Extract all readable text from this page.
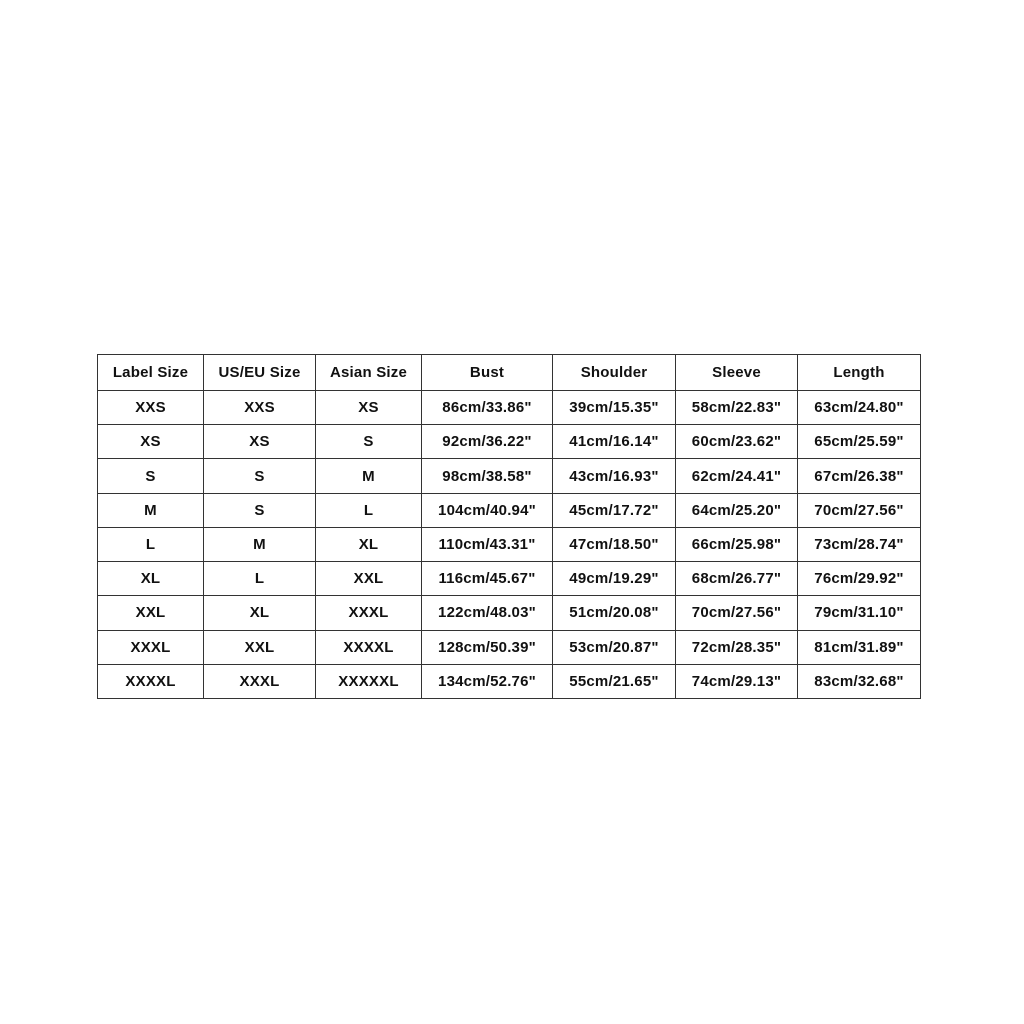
Label Size	US/EU Size	Asian Size	Bust	Shoulder	Sleeve	Length
XXS	XXS	XS	86cm/33.86"	39cm/15.35"	58cm/22.83"	63cm/24.80"
XS	XS	S	92cm/36.22"	41cm/16.14"	60cm/23.62"	65cm/25.59"
S	S	M	98cm/38.58"	43cm/16.93"	62cm/24.41"	67cm/26.38"
M	S	L	104cm/40.94"	45cm/17.72"	64cm/25.20"	70cm/27.56"
L	M	XL	110cm/43.31"	47cm/18.50"	66cm/25.98"	73cm/28.74"
XL	L	XXL	116cm/45.67"	49cm/19.29"	68cm/26.77"	76cm/29.92"
XXL	XL	XXXL	122cm/48.03"	51cm/20.08"	70cm/27.56"	79cm/31.10"
XXXL	XXL	XXXXL	128cm/50.39"	53cm/20.87"	72cm/28.35"	81cm/31.89"
XXXXL	XXXL	XXXXXL	134cm/52.76"	55cm/21.65"	74cm/29.13"	83cm/32.68"
